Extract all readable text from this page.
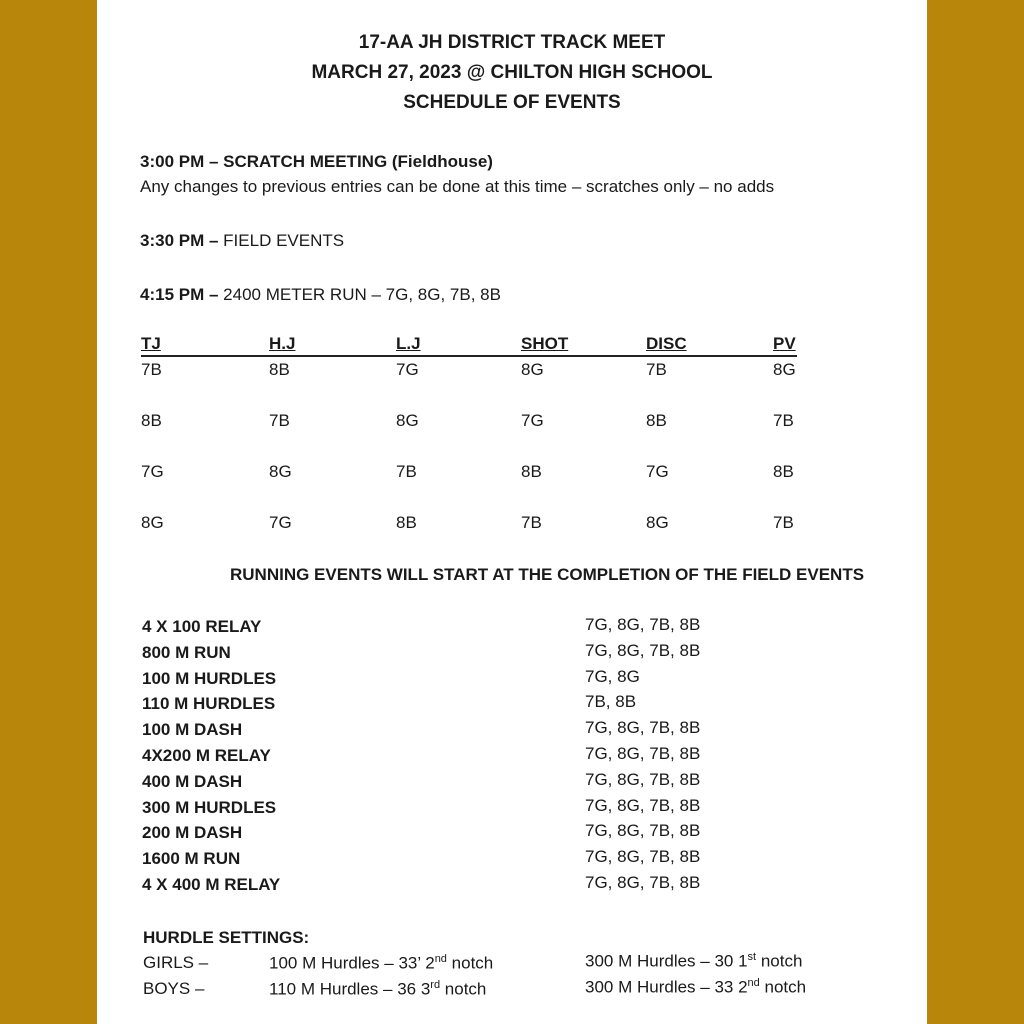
17-AA JH DISTRICT TRACK MEET
MARCH 27, 2023 @ CHILTON HIGH SCHOOL
SCHEDULE OF EVENTS
3:00 PM – SCRATCH MEETING (Fieldhouse)
Any changes to previous entries can be done at this time – scratches only – no adds
3:30 PM – FIELD EVENTS
4:15 PM – 2400 METER RUN – 7G, 8G, 7B, 8B
TJ	H.J	L.J	SHOT	DISC	PV
7B	8B	7G	8G	7B	8G
8B	7B	8G	7G	8B	7B
7G	8G	7B	8B	7G	8B
8G	7G	8B	7B	8G	7B
RUNNING EVENTS WILL START AT THE COMPLETION OF THE FIELD EVENTS
4 X 100 RELAY	7G, 8G, 7B, 8B
800 M RUN	7G, 8G, 7B, 8B
100 M HURDLES	7G, 8G
110 M HURDLES	7B, 8B
100 M DASH	7G, 8G, 7B, 8B
4X200 M RELAY	7G, 8G, 7B, 8B
400 M DASH	7G, 8G, 7B, 8B
300 M HURDLES	7G, 8G, 7B, 8B
200 M DASH	7G, 8G, 7B, 8B
1600 M RUN	7G, 8G, 7B, 8B
4 X 400 M RELAY	7G, 8G, 7B, 8B
HURDLE SETTINGS:
GIRLS –	100 M Hurdles – 33’ 2nd notch	300 M Hurdles – 30 1st notch
BOYS –	110 M Hurdles – 36 3rd notch	300 M Hurdles – 33 2nd notch
